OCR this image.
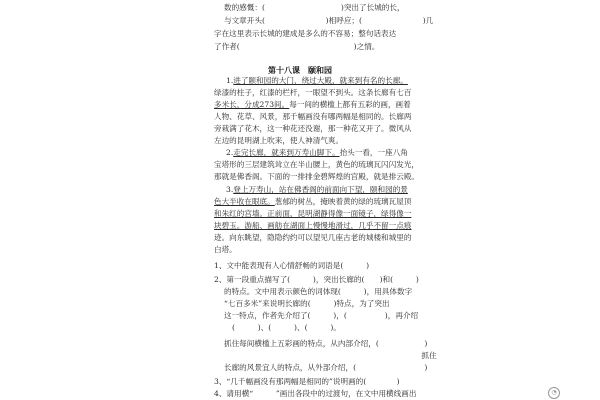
数的感慨：(　　　　　　　　　　)突出了长城的长，
与文章开头(　　　　　　　　)相呼应；(　　　　　　　　)几
字在这里表示长城的建成是多么的不容易；整句话表达
了作者(　　　　　　　　　　　　　　　)之情。
第十八课　颐和园
1.进了颐和园的大门，绕过大殿，就来到有名的长廊。
绿漆的柱子，红漆的栏杆，一眼望不到头。这条长廊有七百
多米长，分成273间。每一间的横槛上都有五彩的画，画着
人物、花草、风景，那千幅画没有哪两幅是相同的。长廊两
旁栽满了花木，这一种花还没谢，那一种花又开了。微风从
左边的昆明湖上吹来，使人神清气爽。
2.走完长廊，就来到万寿山脚下。抬头一看，一座八角
宝塔形的三层建筑耸立在半山腰上，黄色的琉璃瓦闪闪发光，
那就是佛香阁。下面的一排排金碧辉煌的宫殿，就是排云殿。
3.登上万寿山，站在佛香阁的前面向下望，颐和园的景
色大半收在眼底。葱郁的树丛，掩映着黄的绿的琉璃瓦屋顶
和朱红的宫墙。正前面，昆明湖静得像一面镜子，绿得像一
块碧玉。游船、画舫在湖面上慢慢地滑过，几乎不留一点痕
迹。向东眺望，隐隐约约可以望见几座古老的城楼和城里的
白塔。
1、文中能表现有人心情舒畅的词语是(　　　)
2、第一段重点描写了(　　　)，突出长廊的(　　)和(　　　)
的特点。文中用表示颜色的词体现(　　　)，用具体数字
“七百多米”来说明长廊的(　　　)特点，为了突出
这一特点，作者先介绍了(　　　)，(　　　　　)，再介绍
(　　　)、(　　　)、(　　　)。
抓住每间横槛上五彩画的特点，从内部介绍，(　　　　　　)
　　　　　　　　　　　　　　　　　　　　　　　　　　抓住
长廊的风景宜人的特点，从外部介绍，(　　　　　　　　　)
3、“几千幅画没有那两幅是相同的”说明画的(　　　　)
4、请用横“　　　”画出各段中的过渡句，在文中用横线画出	◔
